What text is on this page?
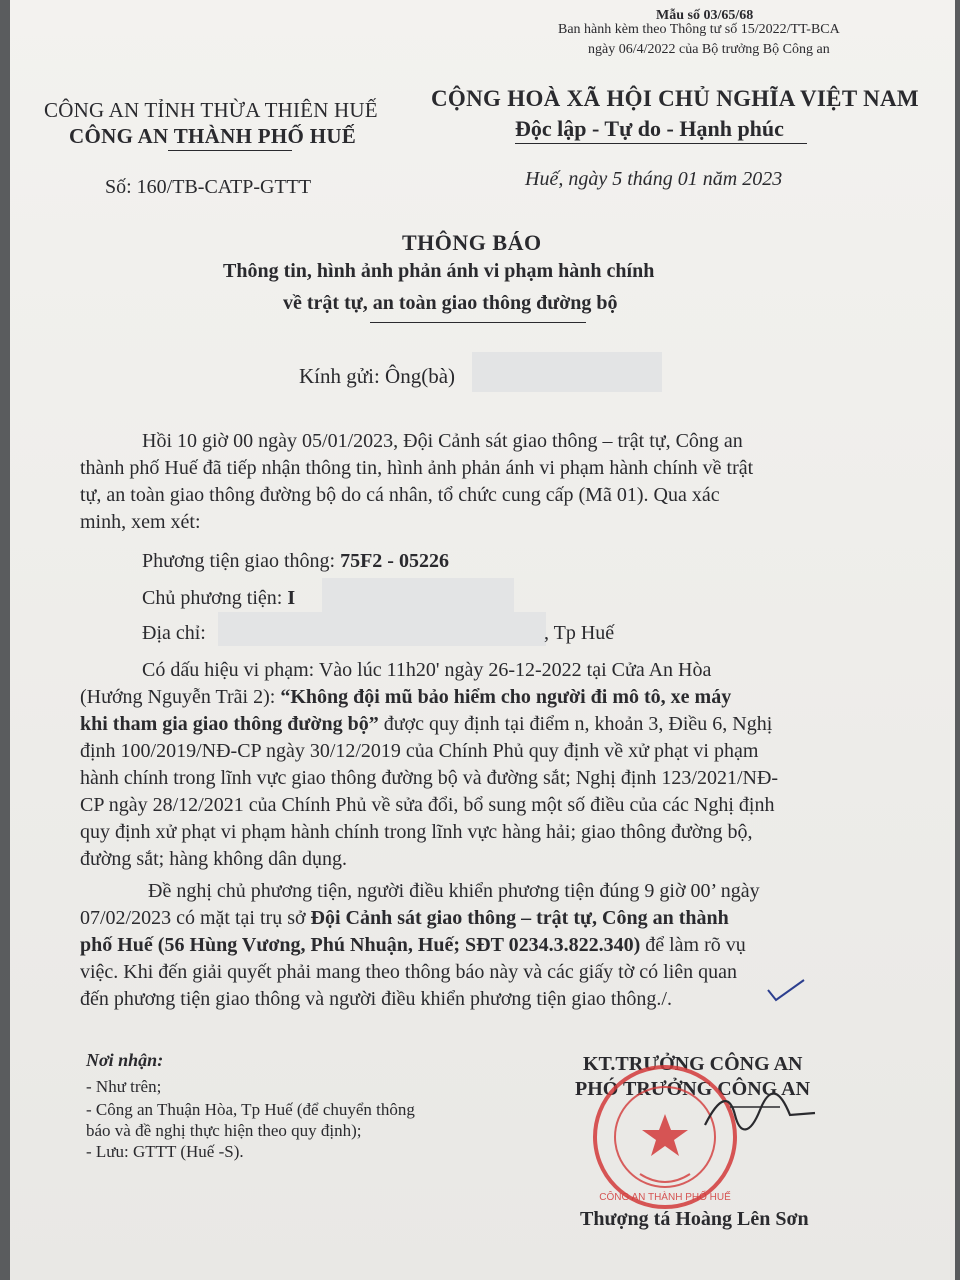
Mẫu số 03/65/68
Ban hành kèm theo Thông tư số 15/2022/TT-BCA
ngày 06/4/2022 của Bộ trưởng Bộ Công an
CÔNG AN TỈNH THỪA THIÊN HUẾ
CÔNG AN THÀNH PHỐ HUẾ
CỘNG HOÀ XÃ HỘI CHỦ NGHĨA VIỆT NAM
Độc lập - Tự do - Hạnh phúc
Số: 160/TB-CATP-GTTT	Huế, ngày 5 tháng 01 năm 2023
THÔNG BÁO
Thông tin, hình ảnh phản ánh vi phạm hành chính
về trật tự, an toàn giao thông đường bộ
Kính gửi: Ông(bà)
Hồi 10 giờ 00 ngày 05/01/2023, Đội Cảnh sát giao thông – trật tự, Công an
thành phố Huế đã tiếp nhận thông tin, hình ảnh phản ánh vi phạm hành chính về trật
tự, an toàn giao thông đường bộ do cá nhân, tổ chức cung cấp (Mã 01). Qua xác
minh, xem xét:
Phương tiện giao thông: 75F2 - 05226
Chủ phương tiện: I
Địa chỉ:	, Tp Huế
Có dấu hiệu vi phạm: Vào lúc 11h20' ngày 26-12-2022 tại Cửa An Hòa
(Hướng Nguyễn Trãi 2): “Không đội mũ bảo hiểm cho người đi mô tô, xe máy
khi tham gia giao thông đường bộ” được quy định tại điểm n, khoản 3, Điều 6, Nghị
định 100/2019/NĐ-CP ngày 30/12/2019 của Chính Phủ quy định về xử phạt vi phạm
hành chính trong lĩnh vực giao thông đường bộ và đường sắt; Nghị định 123/2021/NĐ-
CP ngày 28/12/2021 của Chính Phủ về sửa đổi, bổ sung một số điều của các Nghị định
quy định xử phạt vi phạm hành chính trong lĩnh vực hàng hải; giao thông đường bộ,
đường sắt; hàng không dân dụng.
Đề nghị chủ phương tiện, người điều khiển phương tiện đúng 9 giờ 00’ ngày
07/02/2023 có mặt tại trụ sở Đội Cảnh sát giao thông – trật tự, Công an thành
phố Huế (56 Hùng Vương, Phú Nhuận, Huế; SĐT 0234.3.822.340) để làm rõ vụ
việc. Khi đến giải quyết phải mang theo thông báo này và các giấy tờ có liên quan
đến phương tiện giao thông và người điều khiển phương tiện giao thông./.
Nơi nhận:
- Như trên;
- Công an Thuận Hòa, Tp Huế (để chuyển thông
báo và đề nghị thực hiện theo quy định);
- Lưu: GTTT (Huế -S).
KT.TRƯỞNG CÔNG AN
PHÓ TRƯỞNG CÔNG AN
CÔNG AN THÀNH PHỐ HUẾ
Thượng tá Hoàng Lên Sơn
